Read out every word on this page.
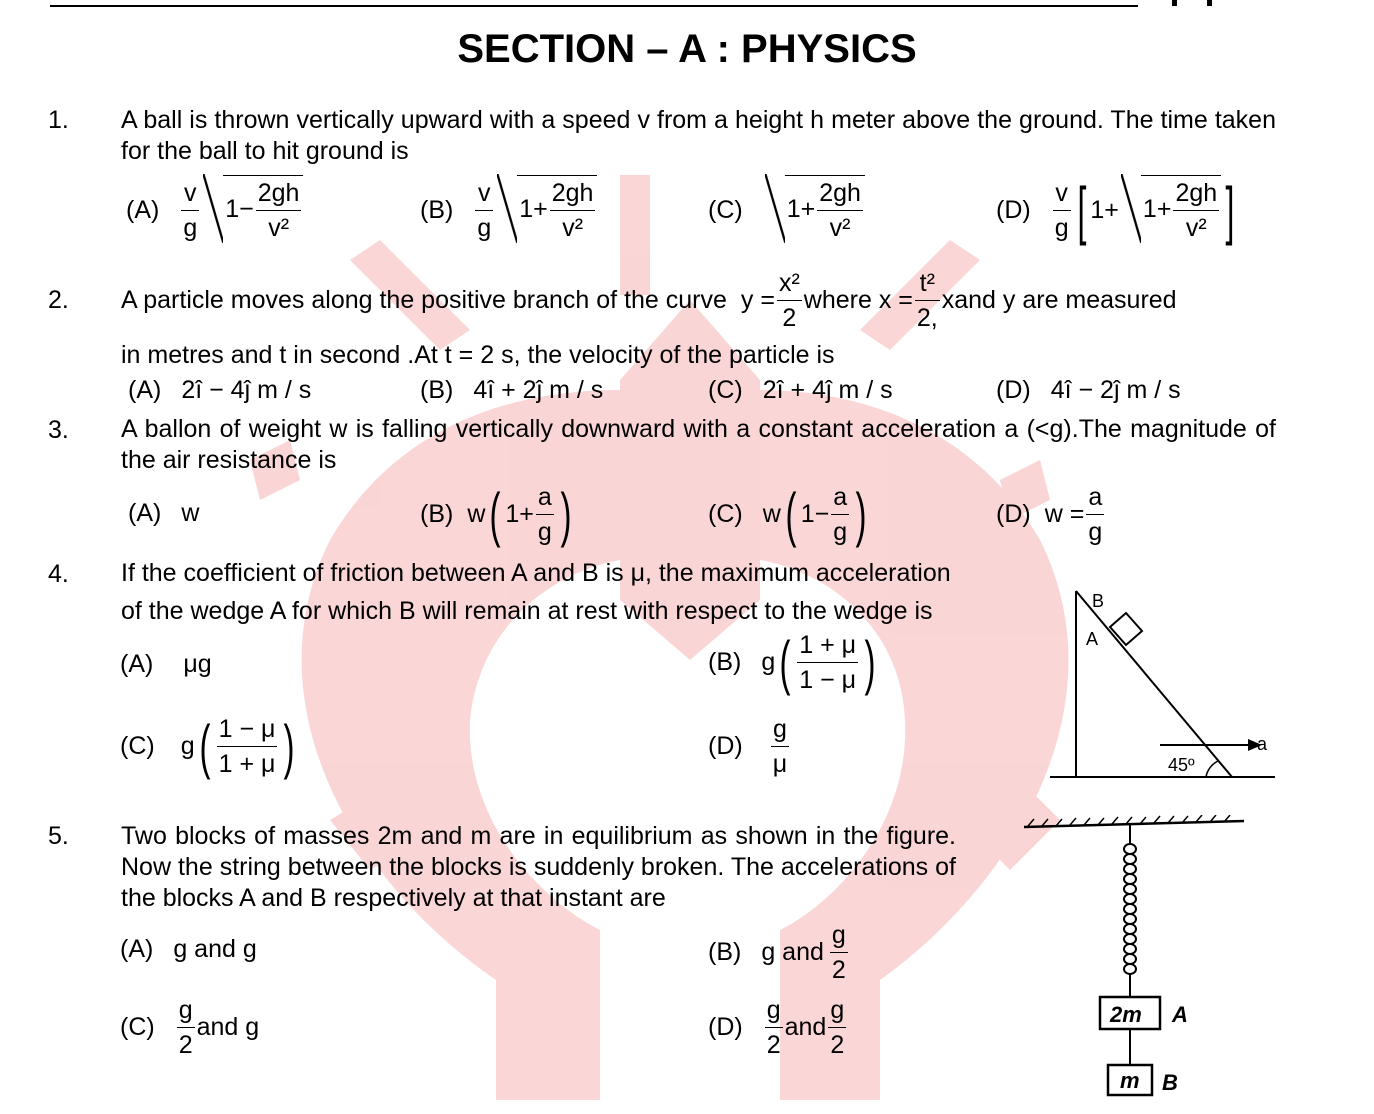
SECTION – A : PHYSICS
1. A ball is thrown vertically upward with a speed v from a height h meter above the ground. The time taken for the ball to hit ground is
(A)
v
g
$1- \frac{2gh}{\text{v²}}$	(B)
v
g
$1+ \frac{2gh}{\text{v²}}$	(C) $1+ \frac{2gh}{\text{v²}}$	(D)
v
g [ $1+ 1+ \frac{2gh}{\text{v²}}$ ]
2. A particle moves along the positive branch of the curve $y = \frac{\text{x²}}{2}$ where $x = \frac{\text{t²}}{2,}$ xand y are measured
in metres and t in second .At t = 2 s, the velocity of the particle is
(A) 2î − 4ĵ m / s	(B) 4î + 2ĵ m / s	(C) 2î + 4ĵ m / s	(D) 4î − 2ĵ m / s
3. A ballon of weight w is falling vertically downward with a constant acceleration a (<g).The magnitude of the air resistance is
(A) w	(B) w ( $1+ \frac{a}{g}$ )	(C) w ( $1- \frac{a}{g}$ )	(D) $w = \frac{a}{g}$
4. If the coefficient of friction between A and B is μ, the maximum acceleration
of the wedge A for which B will remain at rest with respect to the wedge is
(A) μg	(B) g ( 1 + μ
1 − μ )
(C) g ( 1 − μ
1 + μ )	(D)
g
μ
B
A
a
45º
5. Two blocks of masses 2m and m are in equilibrium as shown in the figure. Now the string between the blocks is suddenly broken. The accelerations of the blocks A and B respectively at that instant are
(A) g and g	(B) g and
g
2
(C)
g
2
and g	(D)
g
2
and
g
2
2m A
m B
